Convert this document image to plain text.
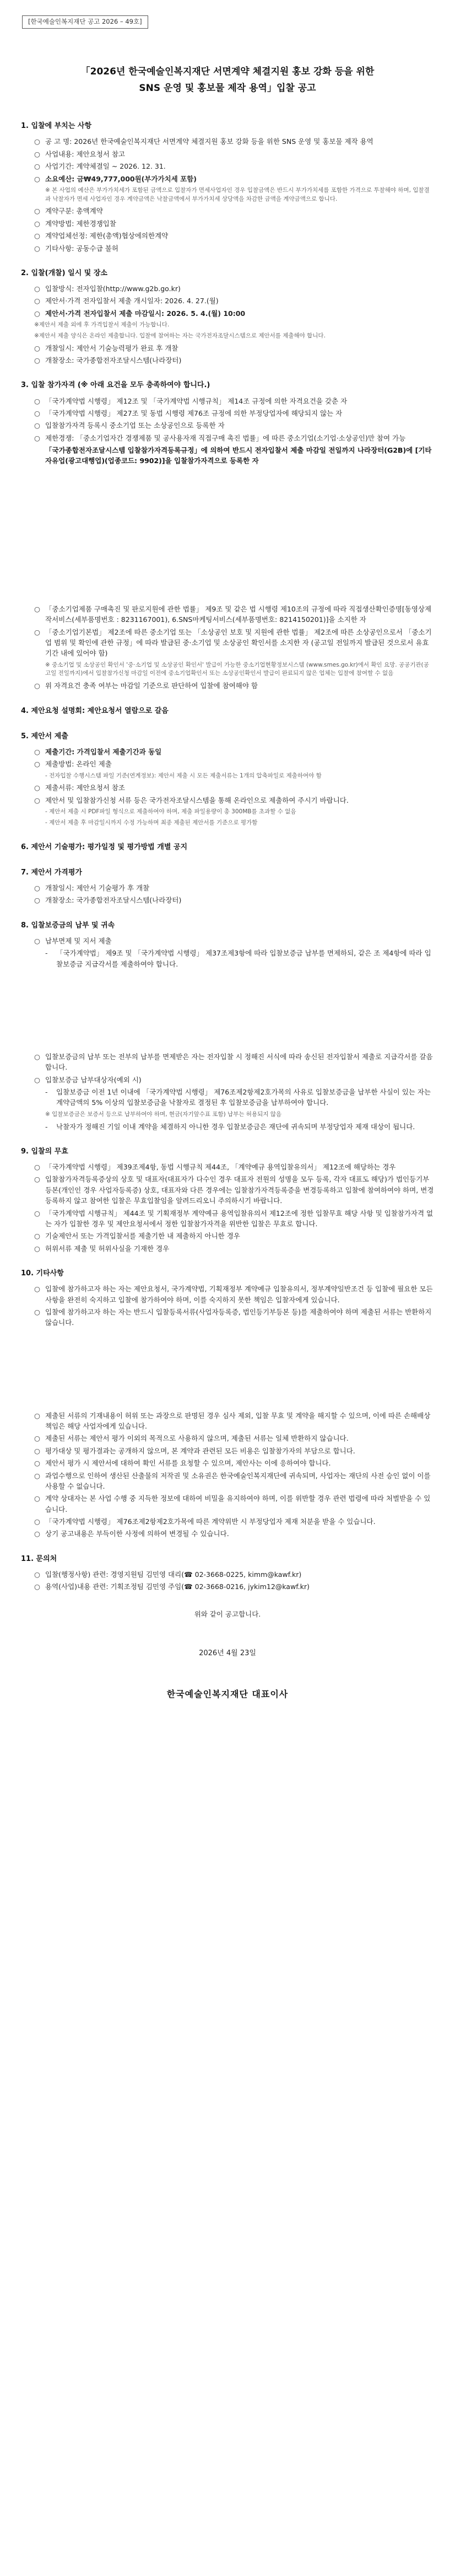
[한국예술인복지재단 공고 2026 – 49호]
「2026년 한국예술인복지재단 서면계약 체결지원 홍보 강화 등을 위한
SNS 운영 및 홍보물 제작 용역」입찰 공고
1. 입찰에 부치는 사항
○ 공 고 명: 2026년 한국예술인복지재단 서면계약 체결지원 홍보 강화 등을 위한 SNS 운영 및 홍보물 제작 용역
○ 사업내용: 제안요청서 참고
○ 사업기간: 계약체결일 ~ 2026. 12. 31.
○ 소요예산: 금₩49,777,000원(부가가치세 포함)
※ 본 사업의 예산은 부가가치세가 포함된 금액으로 입찰자가 면세사업자인 경우 입찰금액은 반드시 부가가치세를 포함한 가격으로 투찰해야 하며, 입찰결과 낙찰자가 면세 사업자인 경우 계약금액은 낙찰금액에서 부가가치세 상당액을 차감한 금액을 계약금액으로 합니다.
○ 계약구분: 총액계약
○ 계약방법: 제한경쟁입찰
○ 계약업체선정: 제한(총액)협상에의한계약
○ 기타사항: 공동수급 불허
2. 입찰(개찰) 일시 및 장소
○ 입찰방식: 전자입찰(http://www.g2b.go.kr)
○ 제안서·가격 전자입찰서 제출 개시일자: 2026. 4. 27.(월)
○ 제안서·가격 전자입찰서 제출 마감일시: 2026. 5. 4.(월) 10:00
※제안서 제출 외에 후 가격입찰서 제출이 가능합니다.
※제안서 제출 양식은 온라인 제출합니다. 입찰에 참여하는 자는 국가전자조달시스템으로 제안서를 제출해야 합니다.
○ 개찰일시: 제안서 기술능력평가 완료 후 개찰
○ 개찰장소: 국가종합전자조달시스템(나라장터)
3. 입찰 참가자격 (※ 아래 요건을 모두 충족하여야 합니다.)
○ 「국가계약법 시행령」 제12조 및 「국가계약법 시행규칙」 제14조 규정에 의한 자격요건을 갖춘 자
○ 「국가계약법 시행령」 제27조 및 동법 시행령 제76조 규정에 의한 부정당업자에 해당되지 않는 자
○ 입찰참가자격 등록시 중소기업 또는 소상공인으로 등록한 자
○ 제한경쟁: 「중소기업자간 경쟁제품 및 공사용자재 직접구매 촉진 법률」에 따른 중소기업(소기업·소상공인)만 참여 가능
「국가종합전자조달시스템 입찰참가자격등록규정」에 의하여 반드시 전자입찰서 제출 마감일 전일까지 나라장터(G2B)에 [기타자유업(광고대행업)(업종코드: 9902)]을 입찰참가자격으로 등록한 자
○ 「중소기업제품 구매촉진 및 판로지원에 관한 법률」 제9조 및 같은 법 시행령 제10조의 규정에 따라 직접생산확인증명[동영상제작서비스(세부품명번호 : 8231167001), 6.SNS마케팅서비스(세부품명번호: 8214150201)]을 소지한 자
○ 「중소기업기본법」 제2조에 따른 중소기업 또는 「소상공인 보호 및 지원에 관한 법률」 제2조에 따른 소상공인으로서 「중소기업 범위 및 확인에 관한 규정」에 따라 발급된 중·소기업 및 소상공인 확인서를 소지한 자 (공고일 전일까지 발급된 것으로서 유효기간 내에 있어야 함)
※ 중소기업 및 소상공인 확인서 '중·소기업 및 소상공인 확인서' 발급이 가능한 중소기업현황정보시스템 (www.smes.go.kr)에서 확인 요망. 공공기관(공고일 전일까지)에서 입찰참가신청 마감일 이전에 중소기업확인서 또는 소상공인확인서 발급이 완료되지 않은 업체는 입찰에 참여할 수 없음
○ 위 자격요건 충족 여부는 마감일 기준으로 판단하여 입찰에 참여해야 함
4. 제안요청 설명회: 제안요청서 열람으로 갈음
5. 제안서 제출
○ 제출기간: 가격입찰서 제출기간과 동일
○ 제출방법: 온라인 제출
- 전자입찰 수행시스템 파일 기준(연계정보): 제안서 제출 시 모든 제출서류는 1개의 압축파일로 제출하여야 함
○ 제출서류: 제안요청서 참조
○ 제안서 및 입찰참가신청 서류 등은 국가전자조달시스템을 통해 온라인으로 제출하여 주시기 바랍니다.
- 제안서 제출 시 PDF파일 형식으로 제출하여야 하며, 제출 파일용량이 총 300MB를 초과할 수 없음
- 제안서 제출 후 마감일시까지 수정 가능하며 최종 제출된 제안서를 기준으로 평가함
6. 제안서 기술평가: 평가일정 및 평가방법 개별 공지
7. 제안서 가격평가
○ 개찰일시: 제안서 기술평가 후 개찰
○ 개찰장소: 국가종합전자조달시스템(나라장터)
8. 입찰보증금의 납부 및 귀속
○ 납부면제 및 지서 제출
-	「국가계약법」 제9조 및 「국가계약법 시행령」 제37조제3항에 따라 입찰보증금 납부를 면제하되, 같은 조 제4항에 따라 입찰보증금 지급각서를 제출하여야 합니다.
○ 입찰보증금의 납부 또는 전부의 납부를 면제받은 자는 전자입찰 시 정해진 서식에 따라 송신된 전자입찰서 제출로 지급각서를 갈음합니다.
○ 입찰보증금 납부대상자(예외 시)
-	입찰보증금 이전 1년 이내에 「국가계약법 시행령」 제76조제2항제2호가목의 사유로 입찰보증금을 납부한 사실이 있는 자는 계약금액의 5% 이상의 입찰보증금을 낙찰자로 결정된 후 입찰보증금을 납부하여야 합니다.
※ 입찰보증금은 보증서 등으로 납부하여야 하며, 현금(자기앞수표 포함) 납부는 허용되지 않음
-	낙찰자가 정해진 기일 이내 계약을 체결하지 아니한 경우 입찰보증금은 재단에 귀속되며 부정당업자 제재 대상이 됩니다.
9. 입찰의 무효
○ 「국가계약법 시행령」 제39조제4항, 동법 시행규칙 제44조, 「계약예규 용역입찰유의서」 제12조에 해당하는 경우
○ 입찰참가자격등록증상의 상호 및 대표자(대표자가 다수인 경우 대표자 전원의 성명을 모두 등록, 각자 대표도 해당)가 법인등기부등본(개인인 경우 사업자등록증) 상호, 대표자와 다른 경우에는 입찰참가자격등록증을 변경등록하고 입찰에 참여하여야 하며, 변경등록하지 않고 참여한 입찰은 무효입찰임을 알려드리오니 주의하시기 바랍니다.
○ 「국가계약법 시행규칙」 제44조 및 기획재정부 계약예규 용역입찰유의서 제12조에 정한 입찰무효 해당 사항 및 입찰참가자격 없는 자가 입찰한 경우 및 제안요청서에서 정한 입찰참가자격을 위반한 입찰은 무효로 합니다.
○ 기술제안서 또는 가격입찰서를 제출기한 내 제출하지 아니한 경우
○ 허위서류 제출 및 허위사실을 기재한 경우
10. 기타사항
○ 입찰에 참가하고자 하는 자는 제안요청서, 국가계약법, 기획재정부 계약예규 입찰유의서, 정부계약일반조건 등 입찰에 필요한 모든 사항을 완전히 숙지하고 입찰에 참가하여야 하며, 이를 숙지하지 못한 책임은 입찰자에게 있습니다.
○ 입찰에 참가하고자 하는 자는 반드시 입찰등록서류(사업자등록증, 법인등기부등본 등)를 제출하여야 하며 제출된 서류는 반환하지 않습니다.
○ 제출된 서류의 기재내용이 허위 또는 과장으로 판명된 경우 심사 제외, 입찰 무효 및 계약을 해지할 수 있으며, 이에 따른 손해배상책임은 해당 사업자에게 있습니다.
○ 제출된 서류는 제안서 평가 이외의 목적으로 사용하지 않으며, 제출된 서류는 일체 반환하지 않습니다.
○ 평가대상 및 평가결과는 공개하지 않으며, 본 계약과 관련된 모든 비용은 입찰참가자의 부담으로 합니다.
○ 제안서 평가 시 제안서에 대하여 확인 서류를 요청할 수 있으며, 제안사는 이에 응하여야 합니다.
○ 과업수행으로 인하여 생산된 산출물의 저작권 및 소유권은 한국예술인복지재단에 귀속되며, 사업자는 재단의 사전 승인 없이 이를 사용할 수 없습니다.
○ 계약 상대자는 본 사업 수행 중 지득한 정보에 대하여 비밀을 유지하여야 하며, 이를 위반할 경우 관련 법령에 따라 처벌받을 수 있습니다.
○ 「국가계약법 시행령」 제76조제2항제2호가목에 따른 계약위반 시 부정당업자 제재 처분을 받을 수 있습니다.
○ 상기 공고내용은 부득이한 사정에 의하여 변경될 수 있습니다.
11. 문의처
○ 입찰(행정사항) 관련: 경영지원팀 김민영 대리(☎ 02-3668-0225, kimm@kawf.kr)
○ 용역(사업)내용 관련: 기획조정팀 김민영 주임(☎ 02-3668-0216, jykim12@kawf.kr)
위와 같이 공고합니다.
2026년 4월 23일
한국예술인복지재단 대표이사
